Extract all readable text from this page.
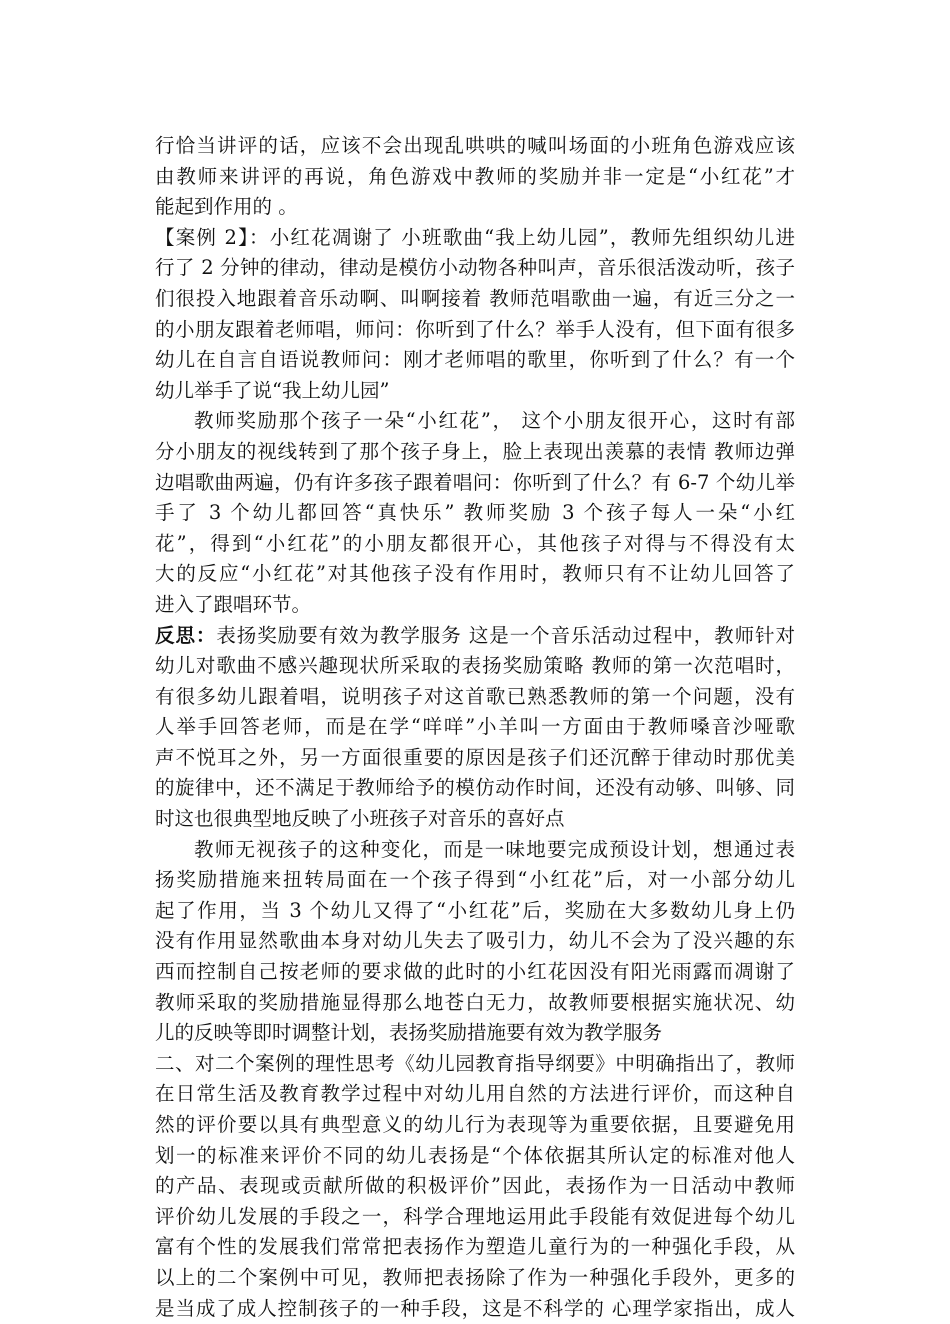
行恰当讲评的话，应该不会出现乱哄哄的喊叫场面的小班角色游戏应该
由教师来讲评的再说，角色游戏中教师的奖励并非一定是“小红花”才
能起到作用的 。
【案例 2】：小红花凋谢了 小班歌曲“我上幼儿园”，教师先组织幼儿进
行了 2 分钟的律动，律动是模仿小动物各种叫声，音乐很活泼动听，孩子
们很投入地跟着音乐动啊、叫啊接着 教师范唱歌曲一遍，有近三分之一
的小朋友跟着老师唱，师问：你听到了什么？举手人没有，但下面有很多
幼儿在自言自语说教师问：刚才老师唱的歌里，你听到了什么？有一个
幼儿举手了说“我上幼儿园”
教师奖励那个孩子一朵“小红花”， 这个小朋友很开心，这时有部
分小朋友的视线转到了那个孩子身上，脸上表现出羡慕的表情 教师边弹
边唱歌曲两遍，仍有许多孩子跟着唱问：你听到了什么？有 6-7 个幼儿举
手了 3 个幼儿都回答“真快乐” 教师奖励 3 个孩子每人一朵“小红
花”，得到“小红花”的小朋友都很开心，其他孩子对得与不得没有太
大的反应“小红花”对其他孩子没有作用时，教师只有不让幼儿回答了
进入了跟唱环节。
反思：表扬奖励要有效为教学服务 这是一个音乐活动过程中，教师针对
幼儿对歌曲不感兴趣现状所采取的表扬奖励策略 教师的第一次范唱时，
有很多幼儿跟着唱，说明孩子对这首歌已熟悉教师的第一个问题，没有
人举手回答老师，而是在学“咩咩”小羊叫一方面由于教师嗓音沙哑歌
声不悦耳之外，另一方面很重要的原因是孩子们还沉醉于律动时那优美
的旋律中，还不满足于教师给予的模仿动作时间，还没有动够、叫够、同
时这也很典型地反映了小班孩子对音乐的喜好点
教师无视孩子的这种变化，而是一味地要完成预设计划，想通过表
扬奖励措施来扭转局面在一个孩子得到“小红花”后，对一小部分幼儿
起了作用，当 3 个幼儿又得了“小红花”后，奖励在大多数幼儿身上仍
没有作用显然歌曲本身对幼儿失去了吸引力，幼儿不会为了没兴趣的东
西而控制自己按老师的要求做的此时的小红花因没有阳光雨露而凋谢了
教师采取的奖励措施显得那么地苍白无力，故教师要根据实施状况、幼
儿的反映等即时调整计划，表扬奖励措施要有效为教学服务
二、对二个案例的理性思考《幼儿园教育指导纲要》中明确指出了，教师
在日常生活及教育教学过程中对幼儿用自然的方法进行评价，而这种自
然的评价要以具有典型意义的幼儿行为表现等为重要依据，且要避免用
划一的标准来评价不同的幼儿表扬是“个体依据其所认定的标准对他人
的产品、表现或贡献所做的积极评价”因此，表扬作为一日活动中教师
评价幼儿发展的手段之一，科学合理地运用此手段能有效促进每个幼儿
富有个性的发展我们常常把表扬作为塑造儿童行为的一种强化手段，从
以上的二个案例中可见，教师把表扬除了作为一种强化手段外，更多的
是当成了成人控制孩子的一种手段，这是不科学的 心理学家指出，成人
